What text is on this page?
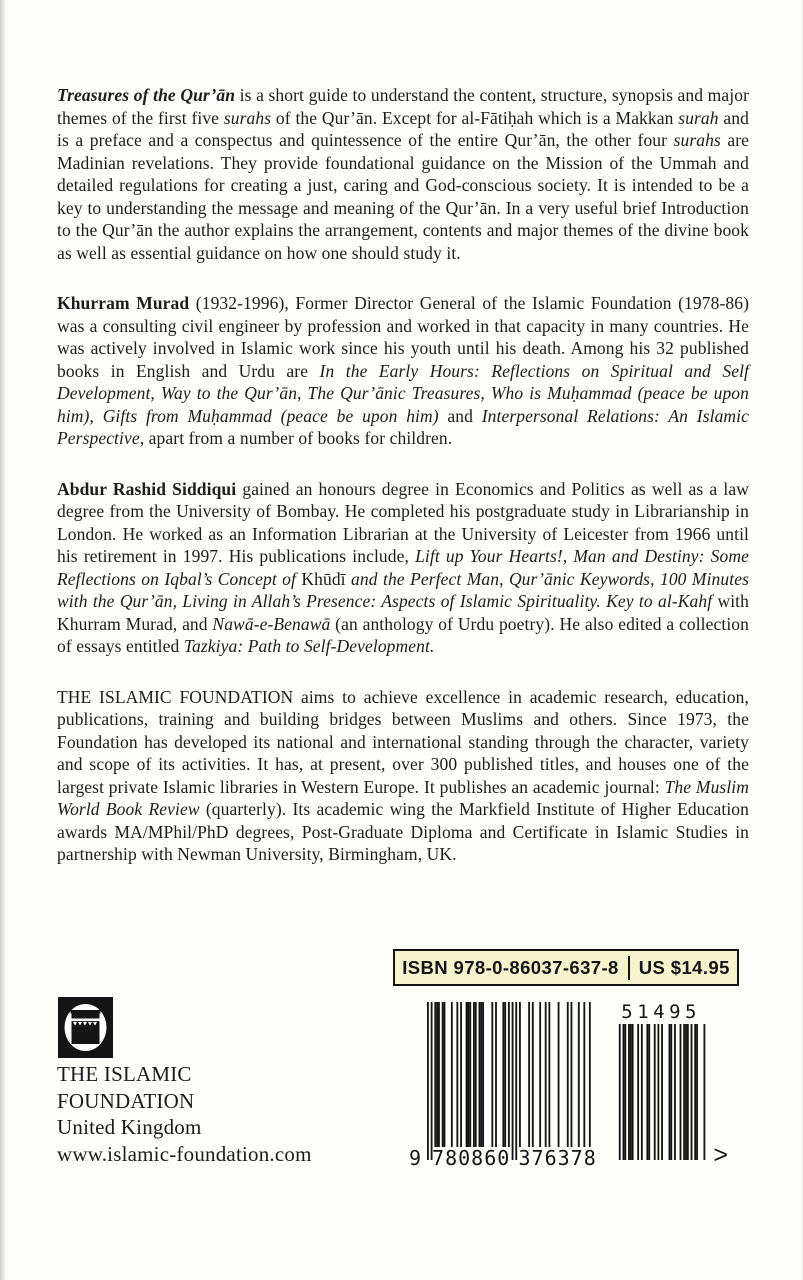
Treasures of the Qur’ān is a short guide to understand the content, structure, synopsis and major themes of the first five surahs of the Qur’ān. Except for al-Fātiḥah which is a Makkan surah and is a preface and a conspectus and quintessence of the entire Qur’ān, the other four surahs are Madinian revelations. They provide foundational guidance on the Mission of the Ummah and detailed regulations for creating a just, caring and God-conscious society. It is intended to be a key to understanding the message and meaning of the Qur’ān. In a very useful brief Introduction to the Qur’ān the author explains the arrangement, contents and major themes of the divine book as well as essential guidance on how one should study it.

Khurram Murad (1932-1996), Former Director General of the Islamic Foundation (1978-86) was a consulting civil engineer by profession and worked in that capacity in many countries. He was actively involved in Islamic work since his youth until his death. Among his 32 published books in English and Urdu are In the Early Hours: Reflections on Spiritual and Self Development, Way to the Qur’ān, The Qur’ānic Treasures, Who is Muḥammad (peace be upon him), Gifts from Muḥammad (peace be upon him) and Interpersonal Relations: An Islamic Perspective, apart from a number of books for children.

Abdur Rashid Siddiqui gained an honours degree in Economics and Politics as well as a law degree from the University of Bombay. He completed his postgraduate study in Librarianship in London. He worked as an Information Librarian at the University of Leicester from 1966 until his retirement in 1997. His publications include, Lift up Your Hearts!, Man and Destiny: Some Reflections on Iqbal’s Concept of Khūdī and the Perfect Man, Qur’ānic Keywords, 100 Minutes with the Qur’ān, Living in Allah’s Presence: Aspects of Islamic Spirituality. Key to al-Kahf with Khurram Murad, and Nawā-e-Benawā (an anthology of Urdu poetry). He also edited a collection of essays entitled Tazkiya: Path to Self-Development.

THE ISLAMIC FOUNDATION aims to achieve excellence in academic research, education, publications, training and building bridges between Muslims and others. Since 1973, the Foundation has developed its national and international standing through the character, variety and scope of its activities. It has, at present, over 300 published titles, and houses one of the largest private Islamic libraries in Western Europe. It publishes an academic journal: The Muslim World Book Review (quarterly). Its academic wing the Markfield Institute of Higher Education awards MA/MPhil/PhD degrees, Post-Graduate Diploma and Certificate in Islamic Studies in partnership with Newman University, Birmingham, UK.

ISBN 978-0-86037-637-8 US $14.95
THE ISLAMIC
FOUNDATION
United Kingdom
www.islamic-foundation.com	9 780860 376378
51495
>
